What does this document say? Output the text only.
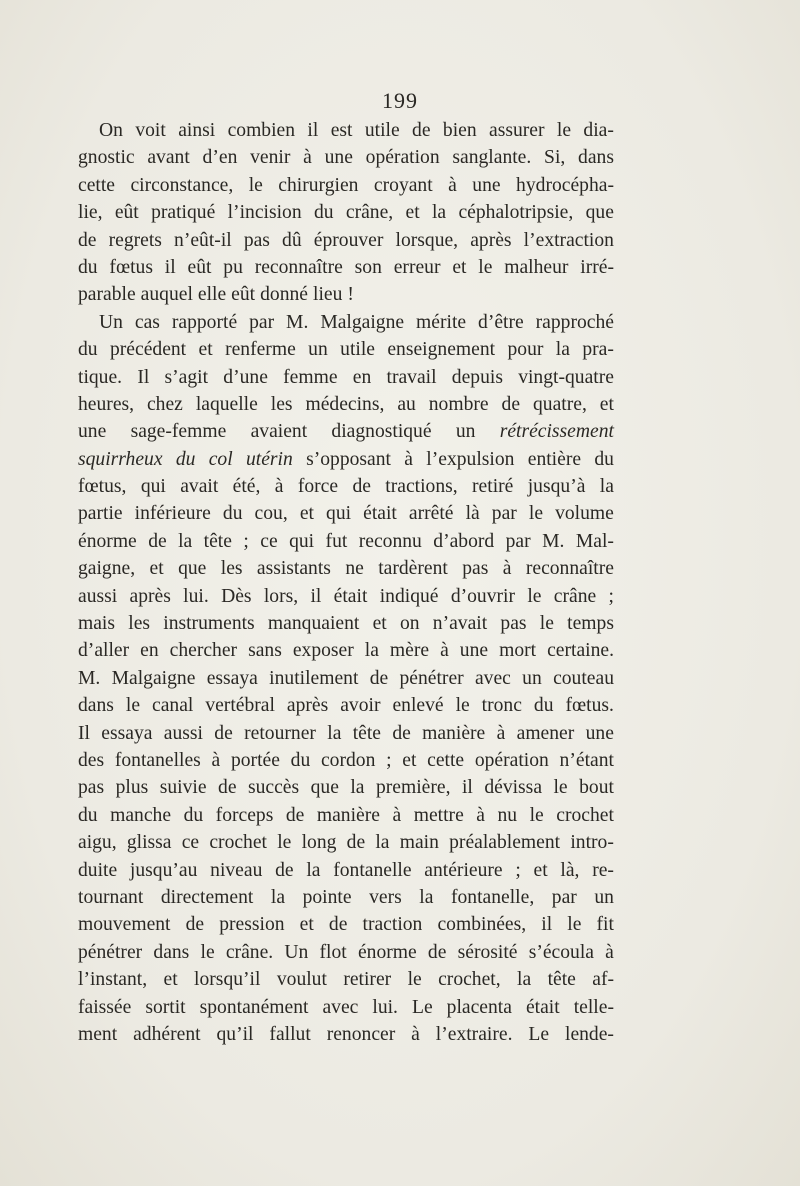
199
On voit ainsi combien il est utile de bien assurer le dia-
gnostic avant d’en venir à une opération sanglante. Si, dans
cette circonstance, le chirurgien croyant à une hydrocépha-
lie, eût pratiqué l’incision du crâne, et la céphalotripsie, que
de regrets n’eût-il pas dû éprouver lorsque, après l’extraction
du fœtus il eût pu reconnaître son erreur et le malheur irré-
parable auquel elle eût donné lieu !
Un cas rapporté par M. Malgaigne mérite d’être rapproché
du précédent et renferme un utile enseignement pour la pra-
tique. Il s’agit d’une femme en travail depuis vingt-quatre
heures, chez laquelle les médecins, au nombre de quatre, et
une sage-femme avaient diagnostiqué un rétrécissement
squirrheux du col utérin s’opposant à l’expulsion entière du
fœtus, qui avait été, à force de tractions, retiré jusqu’à la
partie inférieure du cou, et qui était arrêté là par le volume
énorme de la tête ; ce qui fut reconnu d’abord par M. Mal-
gaigne, et que les assistants ne tardèrent pas à reconnaître
aussi après lui. Dès lors, il était indiqué d’ouvrir le crâne ;
mais les instruments manquaient et on n’avait pas le temps
d’aller en chercher sans exposer la mère à une mort certaine.
M. Malgaigne essaya inutilement de pénétrer avec un couteau
dans le canal vertébral après avoir enlevé le tronc du fœtus.
Il essaya aussi de retourner la tête de manière à amener une
des fontanelles à portée du cordon ; et cette opération n’étant
pas plus suivie de succès que la première, il dévissa le bout
du manche du forceps de manière à mettre à nu le crochet
aigu, glissa ce crochet le long de la main préalablement intro-
duite jusqu’au niveau de la fontanelle antérieure ; et là, re-
tournant directement la pointe vers la fontanelle, par un
mouvement de pression et de traction combinées, il le fit
pénétrer dans le crâne. Un flot énorme de sérosité s’écoula à
l’instant, et lorsqu’il voulut retirer le crochet, la tête af-
faissée sortit spontanément avec lui. Le placenta était telle-
ment adhérent qu’il fallut renoncer à l’extraire. Le lende-
